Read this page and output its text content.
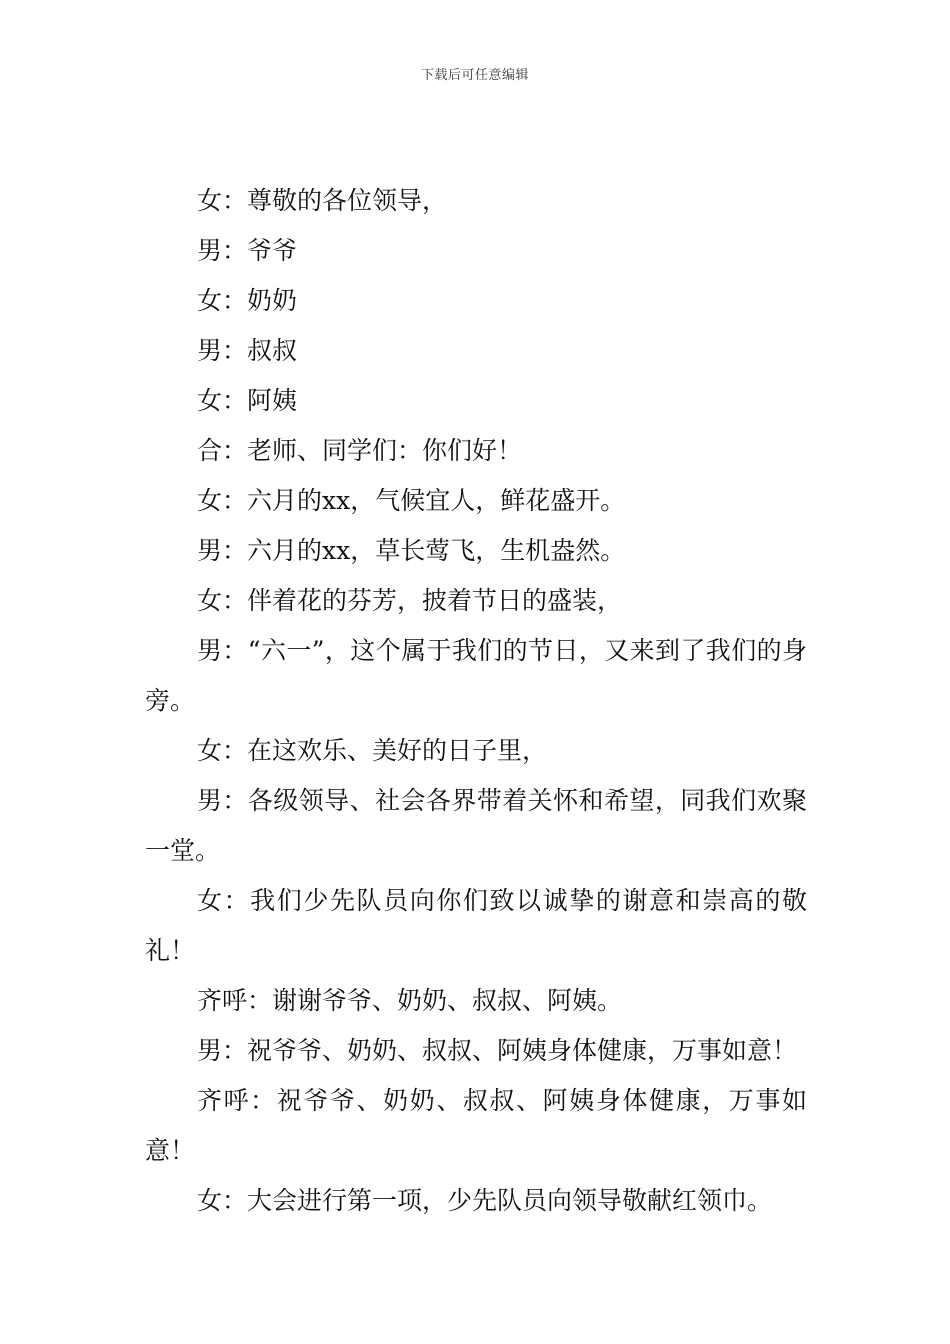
下载后可任意编辑

女：尊敬的各位领导，

男：爷爷

女：奶奶

男：叔叔

女：阿姨

合：老师、同学们：你们好！

女：六月的xx，气候宜人，鲜花盛开。

男：六月的xx，草长莺飞，生机盎然。

女：伴着花的芬芳，披着节日的盛装，

男：“六一”，这个属于我们的节日，又来到了我们的身旁。

女：在这欢乐、美好的日子里，

男：各级领导、社会各界带着关怀和希望，同我们欢聚一堂。

女：我们少先队员向你们致以诚挚的谢意和崇高的敬礼！

齐呼：谢谢爷爷、奶奶、叔叔、阿姨。

男：祝爷爷、奶奶、叔叔、阿姨身体健康，万事如意！

齐呼：祝爷爷、奶奶、叔叔、阿姨身体健康，万事如意！

女：大会进行第一项，少先队员向领导敬献红领巾。
